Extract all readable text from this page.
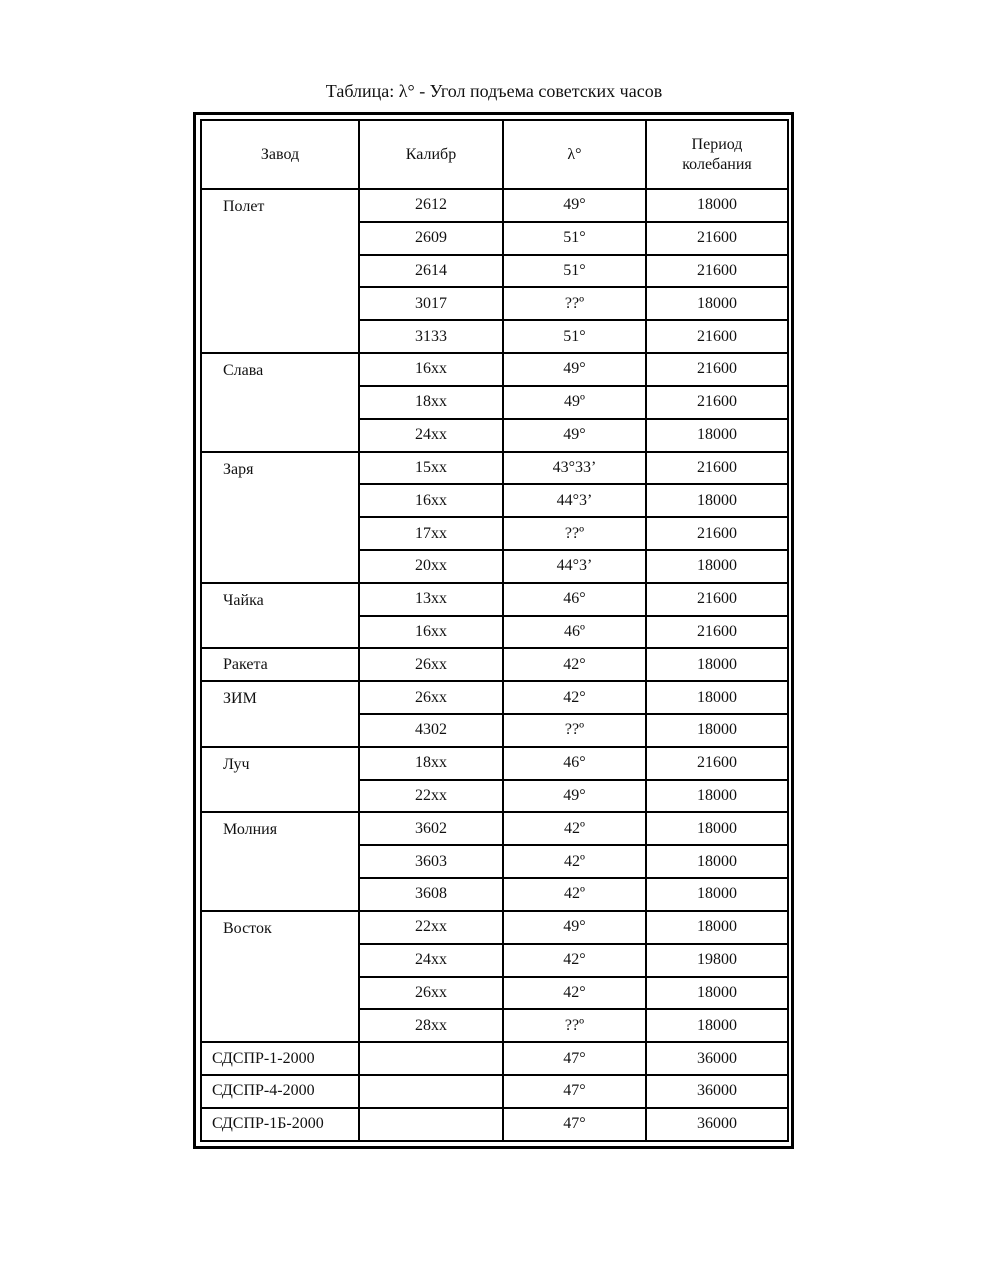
Таблица: λ° - Угол подъема советских часов
Завод	Калибр	λ°	Период колебания
Полет	2612	49°	18000
	2609	51°	21600
	2614	51°	21600
	3017	??º	18000
	3133	51°	21600
Слава	16хх	49°	21600
	18хх	49º	21600
	24хх	49°	18000
Заря	15хх	43°33’	21600
	16хх	44°3’	18000
	17хх	??º	21600
	20хх	44°3’	18000
Чайка	13хх	46°	21600
	16хх	46º	21600
Ракета	26хх	42°	18000
ЗИМ	26хх	42°	18000
	4302	??º	18000
Луч	18хх	46°	21600
	22хх	49°	18000
Молния	3602	42º	18000
	3603	42º	18000
	3608	42º	18000
Восток	22хх	49°	18000
	24хх	42°	19800
	26хх	42°	18000
	28хх	??º	18000
СДСПР-1-2000		47°	36000
СДСПР-4-2000		47°	36000
СДСПР-1Б-2000		47°	36000
